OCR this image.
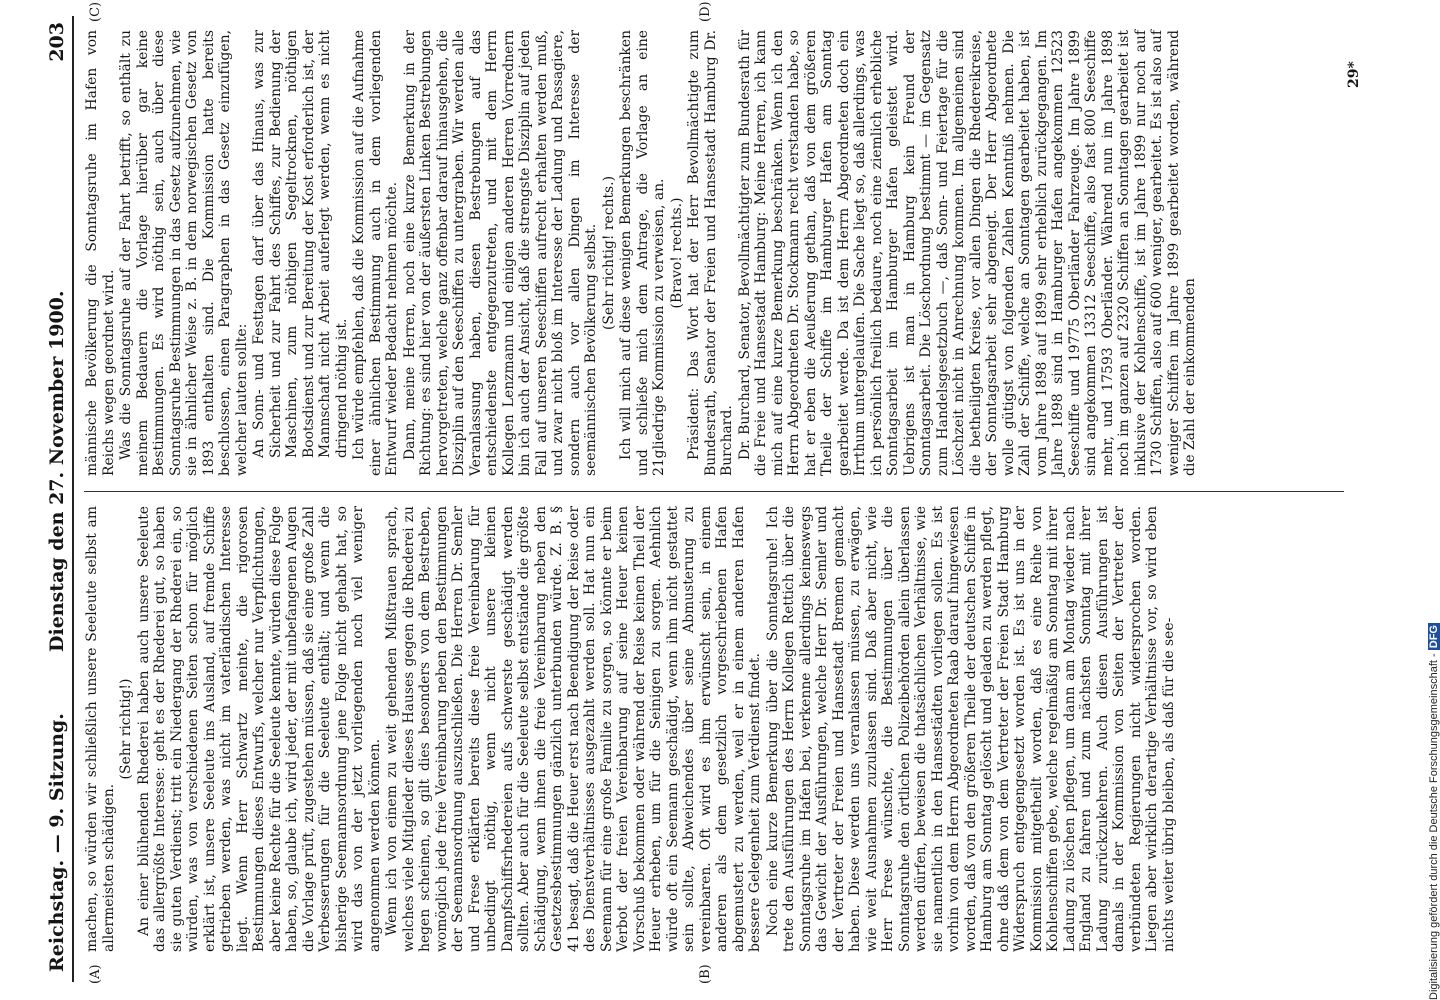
Reichstag. — 9. Sitzung.
Dienstag den 27. November 1900.
203
(A)	(B)
(C)	(D)

machen, so würden wir schließlich unsere Seeleute selbst am allermeisten schädigen.

(Sehr richtig!) An einer blühenden Rhederei haben auch unsere Seeleute das allergrößte Interesse: geht es der Rhederei gut, so haben sie guten Verdienst; tritt ein Niedergang der Rhederei ein, so würden, was von verschiedenen Seiten schon für möglich erklärt ist, unsere Seeleute ins Ausland, auf fremde Schiffe getrieben werden, was nicht im vaterländischen Interesse liegt. Wenn Herr Schwartz meinte, die rigorosen Bestimmungen dieses Entwurfs, welcher nur Verpflichtungen, aber keine Rechte für die Seeleute kennte, würden diese Folge haben, so, glaube ich, wird jeder, der mit unbefangenen Augen die Vorlage prüft, zugestehen müssen, daß sie eine große Zahl Verbesserungen für die Seeleute enthält; und wenn die bisherige Seemannsordnung jene Folge nicht gehabt hat, so wird das von der jetzt vorliegenden noch viel weniger angenommen werden können. Wenn ich von einem zu weit gehenden Mißtrauen sprach, welches viele Mitglieder dieses Hauses gegen die Rhederei zu hegen scheinen, so gilt dies besonders von dem Bestreben, womöglich jede freie Vereinbarung neben den Bestimmungen der Seemannsordnung auszuschließen. Die Herren Dr. Semler und Frese erklärten bereits diese freie Vereinbarung für unbedingt nöthig, wenn nicht unsere kleinen Dampfschiffsrhedereien aufs schwerste geschädigt werden sollten. Aber auch für die Seeleute selbst entstände die größte Schädigung, wenn ihnen die freie Vereinbarung neben den Gesetzesbestimmungen gänzlich unterbunden würde. Z. B. § 41 besagt, daß die Heuer erst nach Beendigung der Reise oder des Dienstverhältnisses ausgezahlt werden soll. Hat nun ein Seemann für eine große Familie zu sorgen, so könnte er beim Verbot der freien Vereinbarung auf seine Heuer keinen Vorschuß bekommen oder während der Reise keinen Theil der Heuer erheben, um für die Seinigen zu sorgen. Aehnlich würde oft ein Seemann geschädigt, wenn ihm nicht gestattet sein sollte, Abweichendes über seine Abmusterung zu vereinbaren. Oft wird es ihm erwünscht sein, in einem anderen als dem gesetzlich vorgeschriebenen Hafen abgemustert zu werden, weil er in einem anderen Hafen bessere Gelegenheit zum Verdienst findet. Noch eine kurze Bemerkung über die Sonntagsruhe! Ich trete den Ausführungen des Herrn Kollegen Rettich über die Sonntagsruhe im Hafen bei, verkenne allerdings keineswegs das Gewicht der Ausführungen, welche Herr Dr. Semler und der Vertreter der Freien und Hansestadt Bremen gemacht haben. Diese werden uns veranlassen müssen, zu erwägen, wie weit Ausnahmen zuzulassen sind. Daß aber nicht, wie Herr Frese wünschte, die Bestimmungen über die Sonntagsruhe den örtlichen Polizeibehörden allein überlassen werden dürfen, beweisen die thatsächlichen Verhältnisse, wie sie namentlich in den Hansestädten vorliegen sollen. Es ist vorhin von dem Herrn Abgeordneten Raab darauf hingewiesen worden, daß von den größeren Theile der deutschen Schiffe in Hamburg am Sonntag gelöscht und geladen zu werden pflegt, ohne daß dem von dem Vertreter der Freien Stadt Hamburg Widerspruch entgegengesetzt worden ist. Es ist uns in der Kommission mitgetheilt worden, daß es eine Reihe von Kohlenschiffen gebe, welche regelmäßig am Sonntag mit ihrer Ladung zu löschen pflegen, um dann am Montag wieder nach England zu fahren und zum nächsten Sonntag mit ihrer Ladung zurückzukehren. Auch diesen Ausführungen ist damals in der Kommission von Seiten der Vertreter der verbündeten Regierungen nicht widersprochen worden. Liegen aber wirklich derartige Verhältnisse vor, so wird eben nichts weiter übrig bleiben, als daß für die see-

männische Bevölkerung die Sonntagsruhe im Hafen von Reichs wegen geordnet wird. Was die Sonntagsruhe auf der Fahrt betrifft, so enthält zu meinem Bedauern die Vorlage hierüber gar keine Bestimmungen. Es wird nöthig sein, auch über diese Sonntagsruhe Bestimmungen in das Gesetz aufzunehmen, wie sie in ähnlicher Weise z. B. in dem norwegischen Gesetz von 1893 enthalten sind. Die Kommission hatte bereits beschlossen, einen Paragraphen in das Gesetz einzufügen, welcher lauten sollte: An Sonn- und Festtagen darf über das Hinaus, was zur Sicherheit und zur Fahrt des Schiffes, zur Bedienung der Maschinen, zum nöthigen Segeltrocknen, nöthigen Bootsdienst und zur Bereitung der Kost erforderlich ist, der Mannschaft nicht Arbeit auferlegt werden, wenn es nicht dringend nöthig ist. Ich würde empfehlen, daß die Kommission auf die Aufnahme einer ähnlichen Bestimmung auch in dem vorliegenden Entwurf wieder Bedacht nehmen möchte. Dann, meine Herren, noch eine kurze Bemerkung in der Richtung: es sind hier von der äußersten Linken Bestrebungen hervorgetreten, welche ganz offenbar darauf hinausgehen, die Disziplin auf den Seeschiffen zu untergraben. Wir werden alle Veranlassung haben, diesen Bestrebungen auf das entschiedenste entgegenzutreten, und mit dem Herrn Kollegen Lenzmann und einigen anderen Herren Vorrednern bin ich auch der Ansicht, daß die strengste Disziplin auf jeden Fall auf unseren Seeschiffen aufrecht erhalten werden muß, und zwar nicht bloß im Interesse der Ladung und Passagiere, sondern auch vor allen Dingen im Interesse der seemännischen Bevölkerung selbst. (Sehr richtig! rechts.) Ich will mich auf diese wenigen Bemerkungen beschränken und schließe mich dem Antrage, die Vorlage an eine 21gliedrige Kommission zu verweisen, an. (Bravo! rechts.) Präsident: Das Wort hat der Herr Bevollmächtigte zum Bundesrath, Senator der Freien und Hansestadt Hamburg Dr. Burchard. Dr. Burchard, Senator, Bevollmächtigter zum Bundesrath für die Freie und Hansestadt Hamburg: Meine Herren, ich kann mich auf eine kurze Bemerkung beschränken. Wenn ich den Herrn Abgeordneten Dr. Stockmann recht verstanden habe, so hat er eben die Aeußerung gethan, daß von dem größeren Theile der Schiffe im Hamburger Hafen am Sonntag gearbeitet werde. Da ist dem Herrn Abgeordneten doch ein Irrthum untergelaufen. Die Sache liegt so, daß allerdings, was ich persönlich freilich bedaure, noch eine ziemlich erhebliche Sonntagsarbeit im Hamburger Hafen geleistet wird. Uebrigens ist man in Hamburg kein Freund der Sonntagsarbeit. Die Löschordnung bestimmt — im Gegensatz zum Handelsgesetzbuch —, daß Sonn- und Feiertage für die Löschzeit nicht in Anrechnung kommen. Im allgemeinen sind die betheiligten Kreise, vor allen Dingen die Rhedereikreise, der Sonntagsarbeit sehr abgeneigt. Der Herr Abgeordnete wolle gütigst von folgenden Zahlen Kenntniß nehmen. Die Zahl der Schiffe, welche an Sonntagen gearbeitet haben, ist vom Jahre 1898 auf 1899 sehr erheblich zurückgegangen. Im Jahre 1898 sind in Hamburger Hafen angekommen 12523 Seeschiffe und 19775 Oberländer Fahrzeuge. Im Jahre 1899 sind angekommen 13312 Seeschiffe, also fast 800 Seeschiffe mehr, und 17593 Oberländer. Während nun im Jahre 1898 noch im ganzen auf 2320 Schiffen an Sonntagen gearbeitet ist inklusive der Kohlenschiffe, ist im Jahre 1899 nur noch auf 1730 Schiffen, also auf 600 weniger, gearbeitet. Es ist also auf weniger Schiffen im Jahre 1899 gearbeitet worden, während die Zahl der einkommenden

29*
Digitalisierung gefördert durch die Deutsche Forschungsgemeinschaft - DFG
